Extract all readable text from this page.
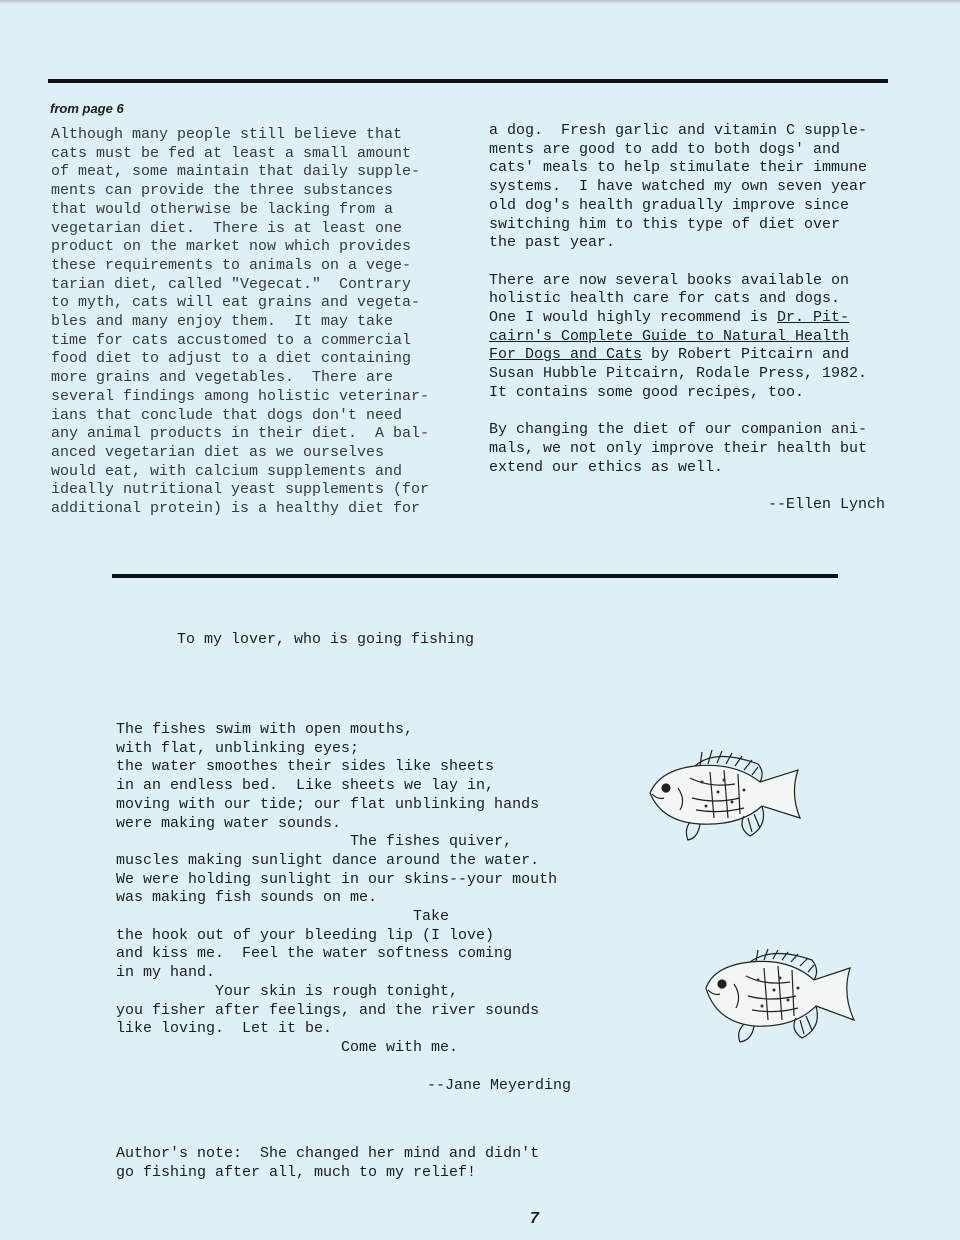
from page 6
Although many people still believe that
cats must be fed at least a small amount
of meat, some maintain that daily supple-
ments can provide the three substances
that would otherwise be lacking from a
vegetarian diet.  There is at least one
product on the market now which provides
these requirements to animals on a vege-
tarian diet, called "Vegecat."  Contrary
to myth, cats will eat grains and vegeta-
bles and many enjoy them.  It may take
time for cats accustomed to a commercial
food diet to adjust to a diet containing
more grains and vegetables.  There are
several findings among holistic veterinar-
ians that conclude that dogs don't need
any animal products in their diet.  A bal-
anced vegetarian diet as we ourselves
would eat, with calcium supplements and
ideally nutritional yeast supplements (for
additional protein) is a healthy diet for
a dog.  Fresh garlic and vitamin C supple-
ments are good to add to both dogs' and
cats' meals to help stimulate their immune
systems.  I have watched my own seven year
old dog's health gradually improve since
switching him to this type of diet over
the past year.
There are now several books available on
holistic health care for cats and dogs.
One I would highly recommend is Dr. Pit-
cairn's Complete Guide to Natural Health
For Dogs and Cats by Robert Pitcairn and
Susan Hubble Pitcairn, Rodale Press, 1982.
It contains some good recipes, too.
By changing the diet of our companion ani-
mals, we not only improve their health but
extend our ethics as well.
--Ellen Lynch
To my lover, who is going fishing
The fishes swim with open mouths,
with flat, unblinking eyes;
the water smoothes their sides like sheets
in an endless bed.  Like sheets we lay in,
moving with our tide; our flat unblinking hands
were making water sounds.
The fishes quiver,
muscles making sunlight dance around the water.
We were holding sunlight in our skins--your mouth
was making fish sounds on me.
Take
the hook out of your bleeding lip (I love)
and kiss me.  Feel the water softness coming
in my hand.
Your skin is rough tonight,
you fisher after feelings, and the river sounds
like loving.  Let it be.
Come with me.
--Jane Meyerding
Author's note:  She changed her mind and didn't
go fishing after all, much to my relief!
7
